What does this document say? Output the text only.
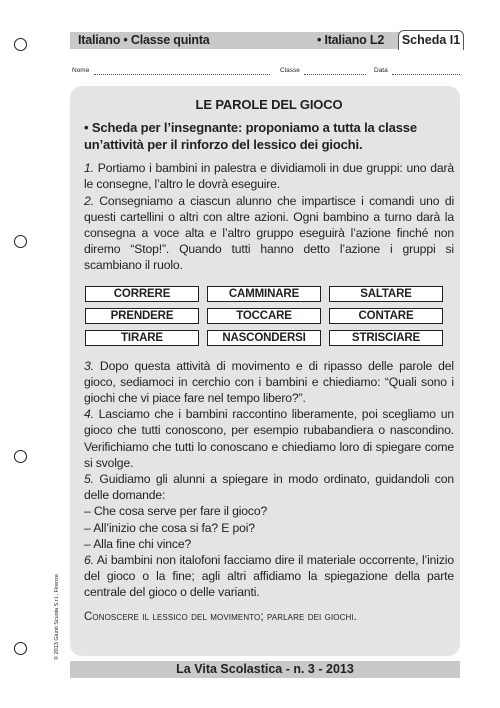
Italiano • Classe quinta	• Italiano L2	Scheda I1
Nome	Classe	Data
LE PAROLE DEL GIOCO
• Scheda per l’insegnante: proponiamo a tutta la classe un’attività per il rinforzo del lessico dei giochi.

1. Portiamo i bambini in palestra e dividiamoli in due gruppi: uno darà le consegne, l’altro le dovrà eseguire.

2. Consegniamo a ciascun alunno che impartisce i comandi uno di questi cartellini o altri con altre azioni. Ogni bambino a turno darà la consegna a voce alta e l’altro gruppo eseguirà l’azione finché non diremo “Stop!”. Quando tutti hanno detto l’azione i gruppi si scambiano il ruolo.

CORRERE	CAMMINARE	SALTARE
PRENDERE	TOCCARE	CONTARE
TIRARE	NASCONDERSI	STRISCIARE

3. Dopo questa attività di movimento e di ripasso delle parole del gioco, sediamoci in cerchio con i bambini e chiediamo: “Quali sono i giochi che vi piace fare nel tempo libero?”.

4. Lasciamo che i bambini raccontino liberamente, poi scegliamo un gioco che tutti conoscono, per esempio rubabandiera o nascondino. Verifichiamo che tutti lo conoscano e chiediamo loro di spiegare come si svolge.

5. Guidiamo gli alunni a spiegare in modo ordinato, guidandoli con delle domande:

– Che cosa serve per fare il gioco?

– All’inizio che cosa si fa? E poi?

– Alla fine chi vince?

6. Ai bambini non italofoni facciamo dire il materiale occorrente, l’inizio del gioco o la fine; agli altri affidiamo la spiegazione della parte centrale del gioco o delle varianti.

Conoscere il lessico del movimento; parlare dei giochi.
© 2013 Giunti Scuola S.r.l., Firenze
La Vita Scolastica - n. 3 - 2013
